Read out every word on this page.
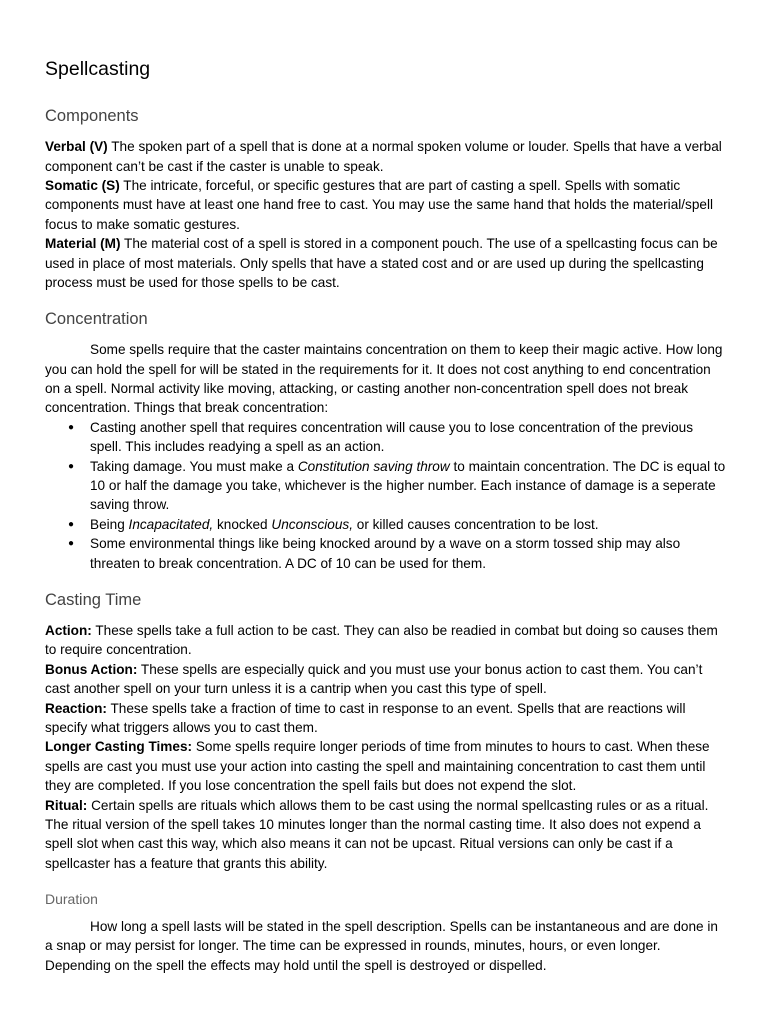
Spellcasting
Components

Verbal (V) The spoken part of a spell that is done at a normal spoken volume or louder. Spells that have a verbal component can’t be cast if the caster is unable to speak.

Somatic (S) The intricate, forceful, or specific gestures that are part of casting a spell. Spells with somatic components must have at least one hand free to cast. You may use the same hand that holds the material/spell focus to make somatic gestures.

Material (M) The material cost of a spell is stored in a component pouch. The use of a spellcasting focus can be used in place of most materials. Only spells that have a stated cost and or are used up during the spellcasting process must be used for those spells to be cast.

Concentration

Some spells require that the caster maintains concentration on them to keep their magic active. How long you can hold the spell for will be stated in the requirements for it. It does not cost anything to end concentration on a spell. Normal activity like moving, attacking, or casting another non-concentration spell does not break concentration. Things that break concentration:

● Casting another spell that requires concentration will cause you to lose concentration of the previous spell. This includes readying a spell as an action.
● Taking damage. You must make a Constitution saving throw to maintain concentration. The DC is equal to 10 or half the damage you take, whichever is the higher number. Each instance of damage is a seperate saving throw.
● Being Incapacitated, knocked Unconscious, or killed causes concentration to be lost.
● Some environmental things like being knocked around by a wave on a storm tossed ship may also threaten to break concentration. A DC of 10 can be used for them.
Casting Time

Action: These spells take a full action to be cast. They can also be readied in combat but doing so causes them to require concentration.

Bonus Action: These spells are especially quick and you must use your bonus action to cast them. You can’t cast another spell on your turn unless it is a cantrip when you cast this type of spell.

Reaction: These spells take a fraction of time to cast in response to an event. Spells that are reactions will specify what triggers allows you to cast them.

Longer Casting Times: Some spells require longer periods of time from minutes to hours to cast. When these spells are cast you must use your action into casting the spell and maintaining concentration to cast them until they are completed. If you lose concentration the spell fails but does not expend the slot.

Ritual: Certain spells are rituals which allows them to be cast using the normal spellcasting rules or as a ritual. The ritual version of the spell takes 10 minutes longer than the normal casting time. It also does not expend a spell slot when cast this way, which also means it can not be upcast. Ritual versions can only be cast if a spellcaster has a feature that grants this ability.

Duration

How long a spell lasts will be stated in the spell description. Spells can be instantaneous and are done in a snap or may persist for longer. The time can be expressed in rounds, minutes, hours, or even longer. Depending on the spell the effects may hold until the spell is destroyed or dispelled.
